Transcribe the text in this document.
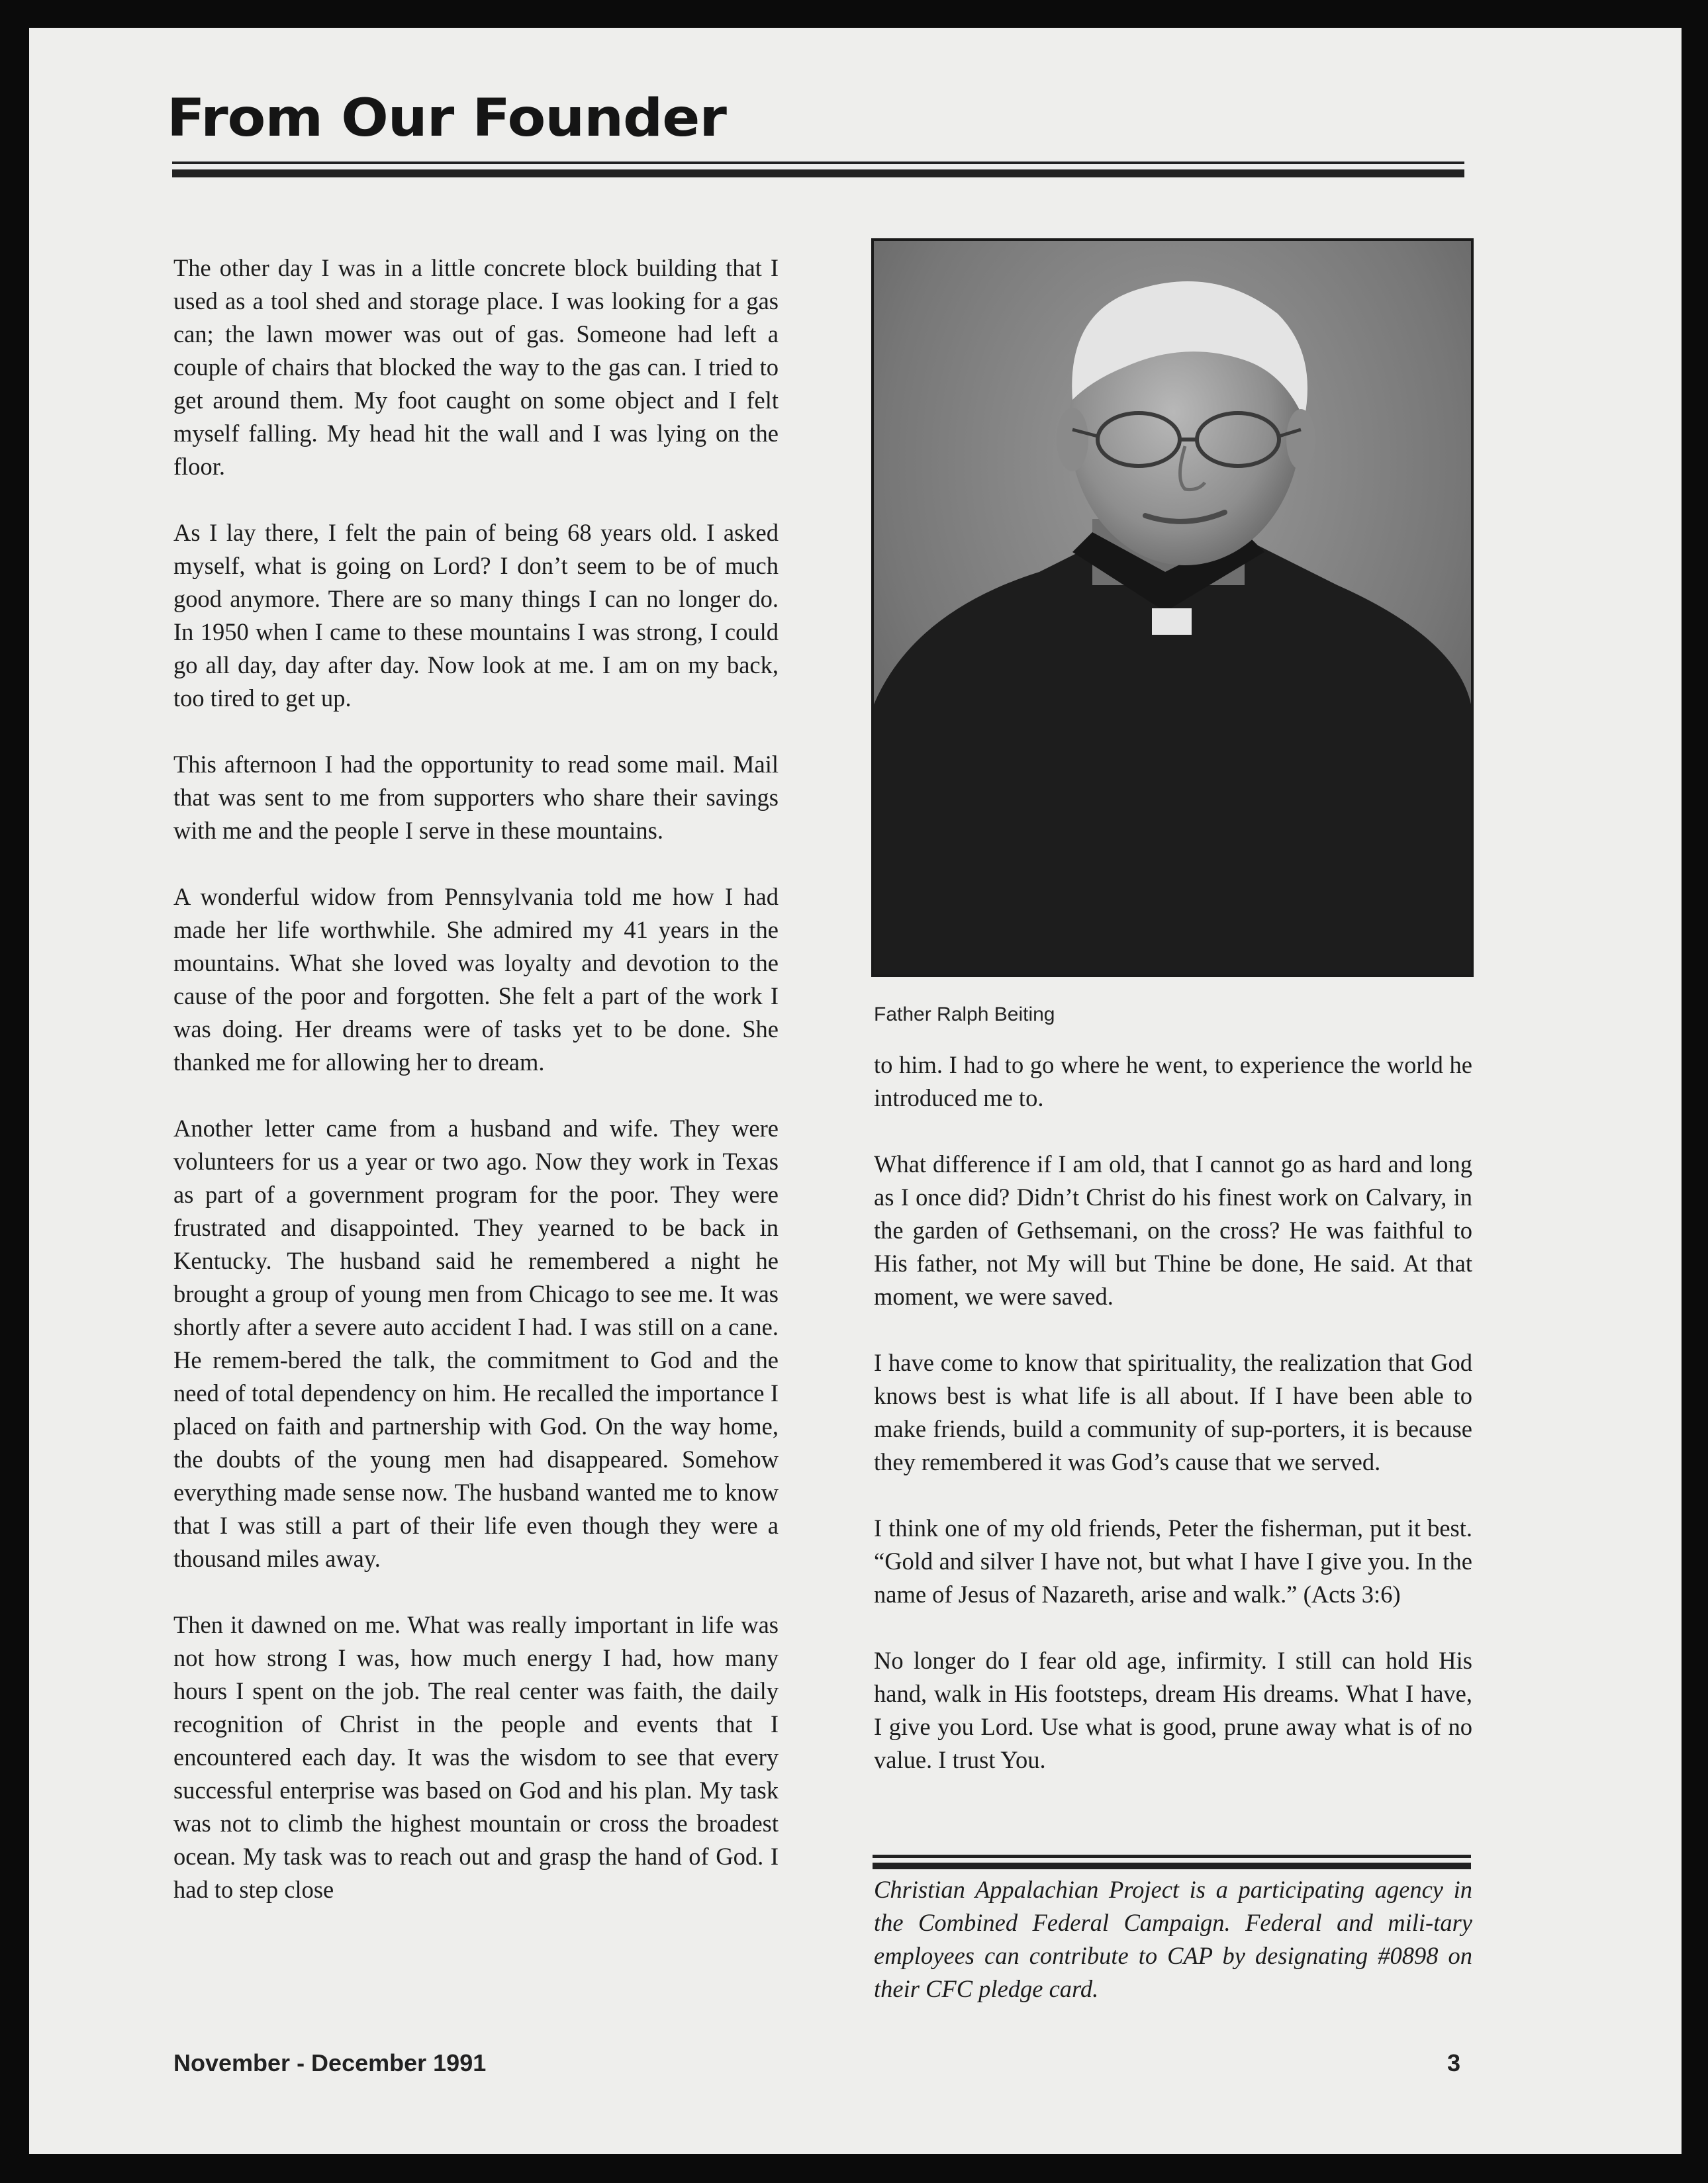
From Our Founder

The other day I was in a little concrete block building that I used as a tool shed and storage place. I was looking for a gas can; the lawn mower was out of gas. Someone had left a couple of chairs that blocked the way to the gas can. I tried to get around them. My foot caught on some object and I felt myself falling. My head hit the wall and I was lying on the floor.

As I lay there, I felt the pain of being 68 years old. I asked myself, what is going on Lord? I don’t seem to be of much good anymore. There are so many things I can no longer do. In 1950 when I came to these mountains I was strong, I could go all day, day after day. Now look at me. I am on my back, too tired to get up.

This afternoon I had the opportunity to read some mail. Mail that was sent to me from supporters who share their savings with me and the people I serve in these mountains.

A wonderful widow from Pennsylvania told me how I had made her life worthwhile. She admired my 41 years in the mountains. What she loved was loyalty and devotion to the cause of the poor and forgotten. She felt a part of the work I was doing. Her dreams were of tasks yet to be done. She thanked me for allowing her to dream.

Another letter came from a husband and wife. They were volunteers for us a year or two ago. Now they work in Texas as part of a government program for the poor. They were frustrated and disappointed. They yearned to be back in Kentucky. The husband said he remembered a night he brought a group of young men from Chicago to see me. It was shortly after a severe auto accident I had. I was still on a cane. He remem-bered the talk, the commitment to God and the need of total dependency on him. He recalled the importance I placed on faith and partnership with God. On the way home, the doubts of the young men had disappeared. Somehow everything made sense now. The husband wanted me to know that I was still a part of their life even though they were a thousand miles away.

Then it dawned on me. What was really important in life was not how strong I was, how much energy I had, how many hours I spent on the job. The real center was faith, the daily recognition of Christ in the people and events that I encountered each day. It was the wisdom to see that every successful enterprise was based on God and his plan. My task was not to climb the highest mountain or cross the broadest ocean. My task was to reach out and grasp the hand of God. I had to step close

Father Ralph Beiting

to him. I had to go where he went, to experience the world he introduced me to.

What difference if I am old, that I cannot go as hard and long as I once did? Didn’t Christ do his finest work on Calvary, in the garden of Gethsemani, on the cross? He was faithful to His father, not My will but Thine be done, He said. At that moment, we were saved.

I have come to know that spirituality, the realization that God knows best is what life is all about. If I have been able to make friends, build a community of sup-porters, it is because they remembered it was God’s cause that we served.

I think one of my old friends, Peter the fisherman, put it best. “Gold and silver I have not, but what I have I give you. In the name of Jesus of Nazareth, arise and walk.” (Acts 3:6)

No longer do I fear old age, infirmity. I still can hold His hand, walk in His footsteps, dream His dreams. What I have, I give you Lord. Use what is good, prune away what is of no value. I trust You.

Christian Appalachian Project is a participating agency in the Combined Federal Campaign. Federal and mili-tary employees can contribute to CAP by designating #0898 on their CFC pledge card.

November - December 1991	3
